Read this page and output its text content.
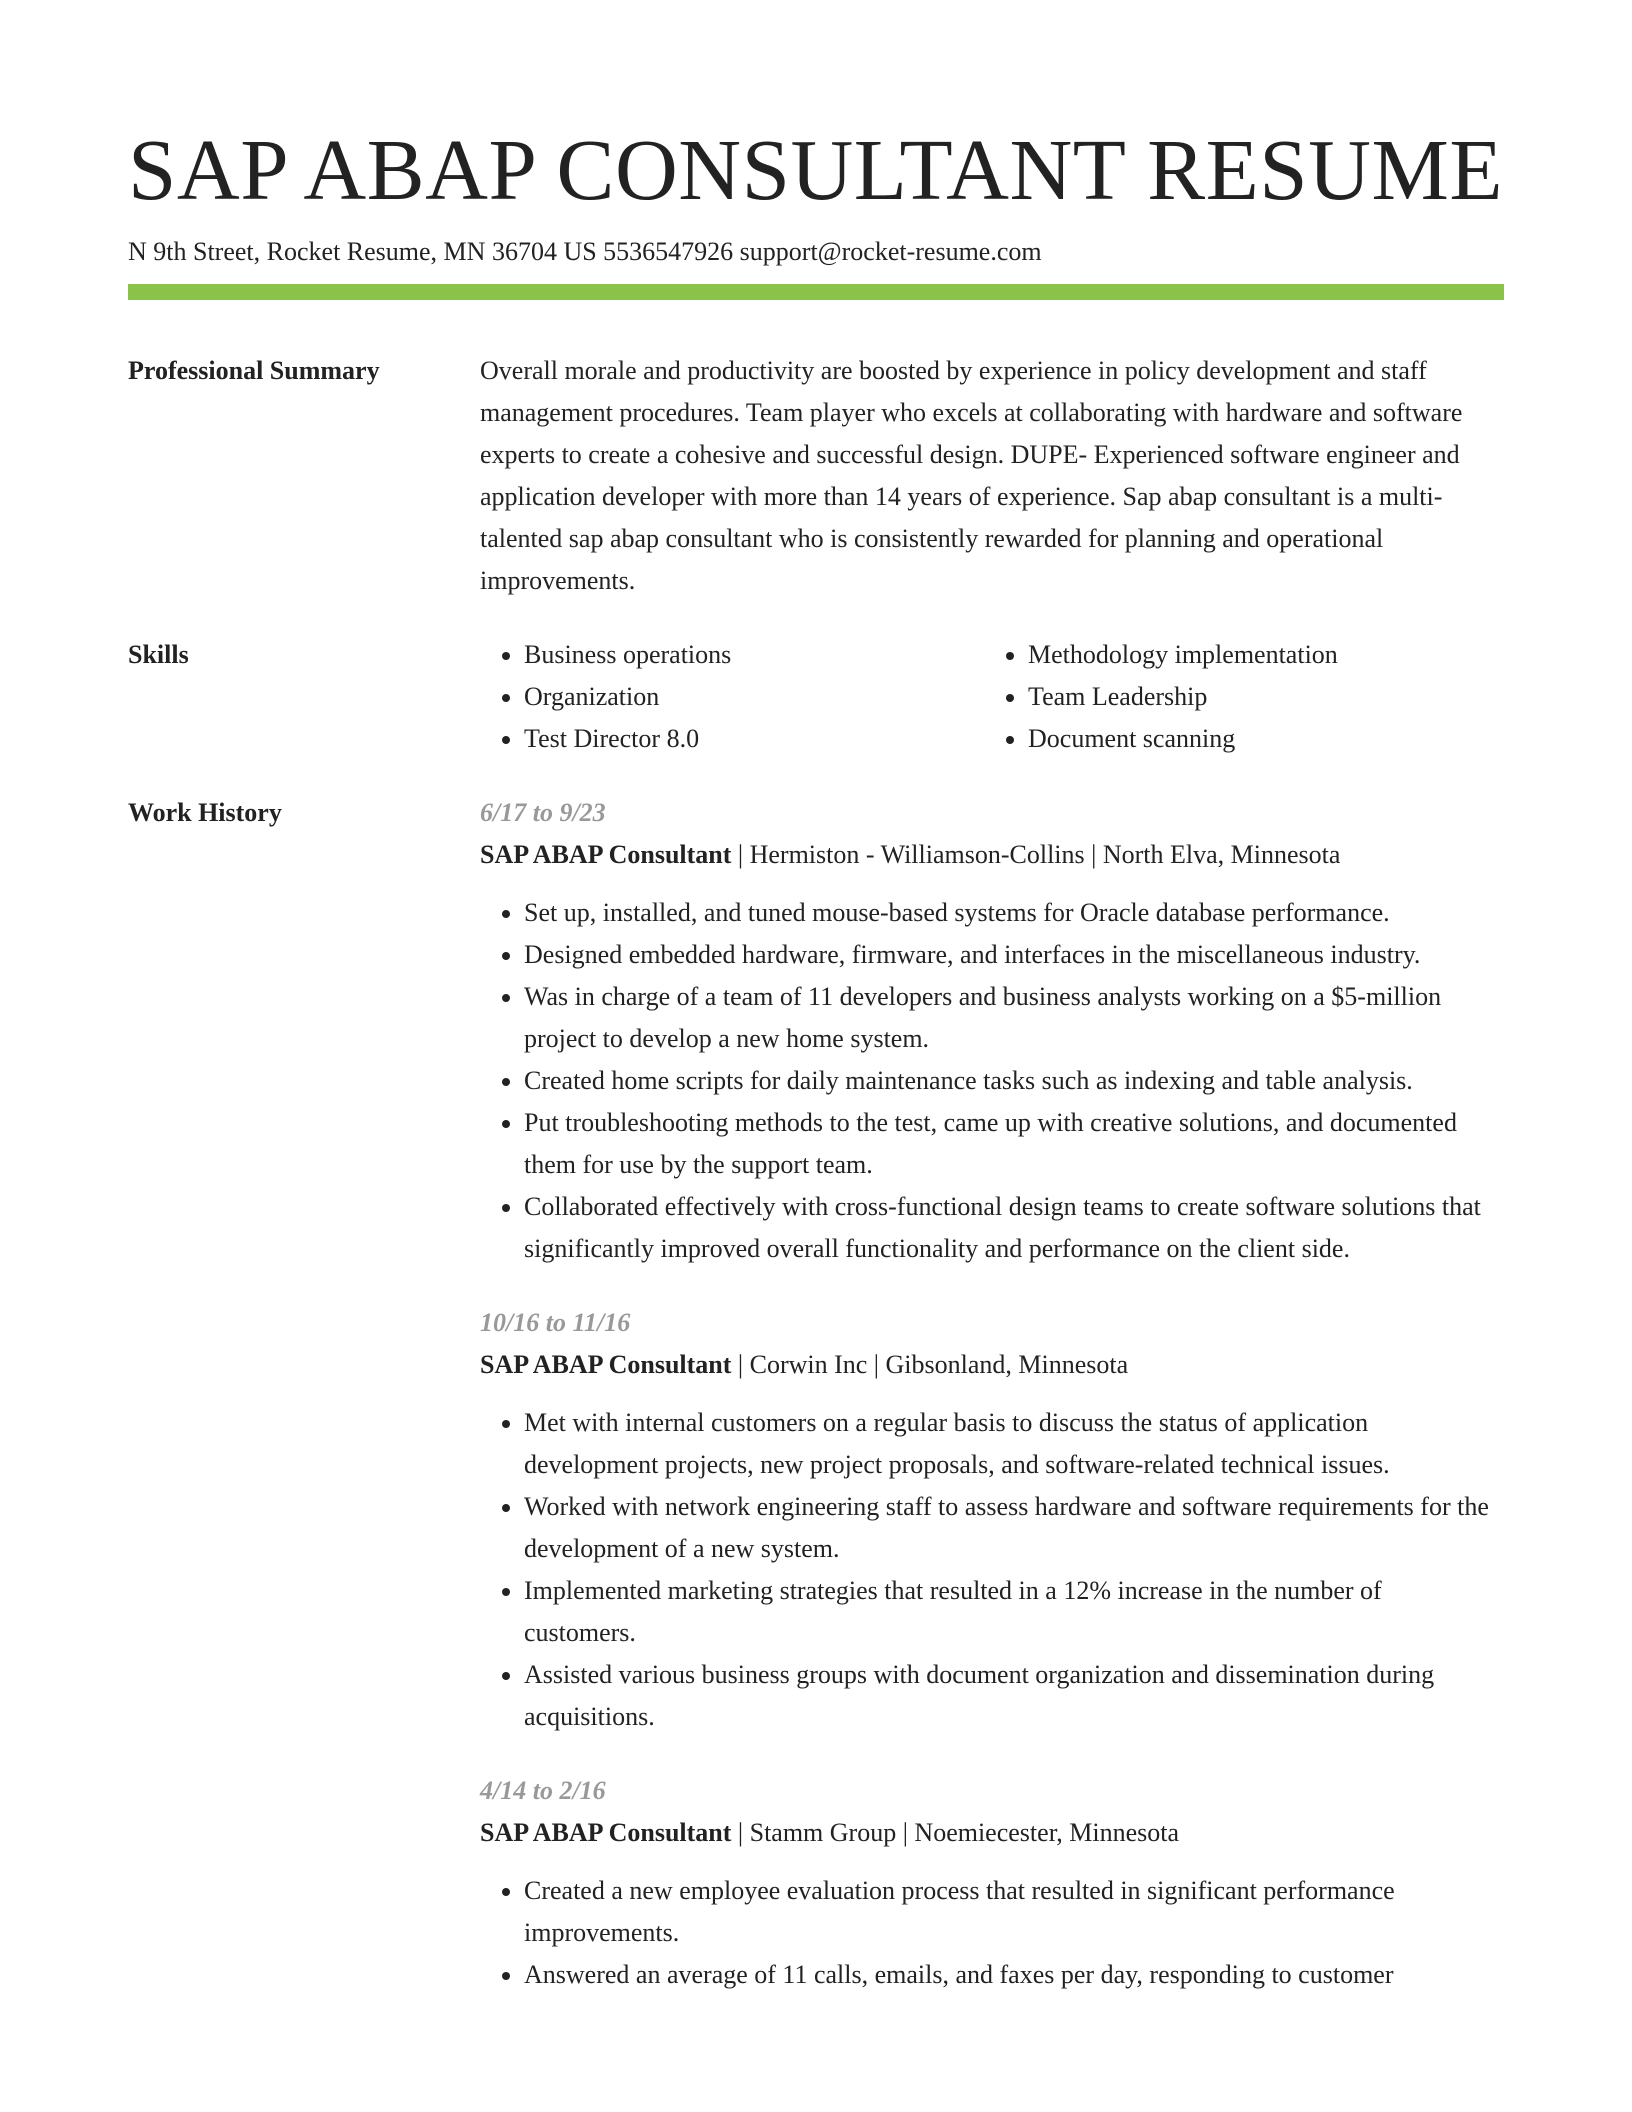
SAP ABAP CONSULTANT RESUME
N 9th Street, Rocket Resume, MN 36704 US 5536547926 support@rocket-resume.com
Professional Summary	Overall morale and productivity are boosted by experience in policy development and staff management procedures. Team player who excels at collaborating with hardware and software experts to create a cohesive and successful design. DUPE- Experienced software engineer and application developer with more than 14 years of experience. Sap abap consultant is a multi-talented sap abap consultant who is consistently rewarded for planning and operational improvements.

Skills
•	Business operations
• Organization
• Test Director 8.0
• Methodology implementation
• Team Leadership
• Document scanning
Work History	6/17 to 9/23
SAP ABAP Consultant | Hermiston - Williamson-Collins | North Elva, Minnesota
• Set up, installed, and tuned mouse-based systems for Oracle database performance.
• Designed embedded hardware, firmware, and interfaces in the miscellaneous industry.
• Was in charge of a team of 11 developers and business analysts working on a $5-million project to develop a new home system.
• Created home scripts for daily maintenance tasks such as indexing and table analysis.
• Put troubleshooting methods to the test, came up with creative solutions, and documented them for use by the support team.
• Collaborated effectively with cross-functional design teams to create software solutions that significantly improved overall functionality and performance on the client side.
10/16 to 11/16
SAP ABAP Consultant | Corwin Inc | Gibsonland, Minnesota
• Met with internal customers on a regular basis to discuss the status of application development projects, new project proposals, and software-related technical issues.
• Worked with network engineering staff to assess hardware and software requirements for the development of a new system.
• Implemented marketing strategies that resulted in a 12% increase in the number of customers.
• Assisted various business groups with document organization and dissemination during acquisitions.
4/14 to 2/16
SAP ABAP Consultant | Stamm Group | Noemiecester, Minnesota
• Created a new employee evaluation process that resulted in significant performance improvements.
• Answered an average of 11 calls, emails, and faxes per day, responding to customer
